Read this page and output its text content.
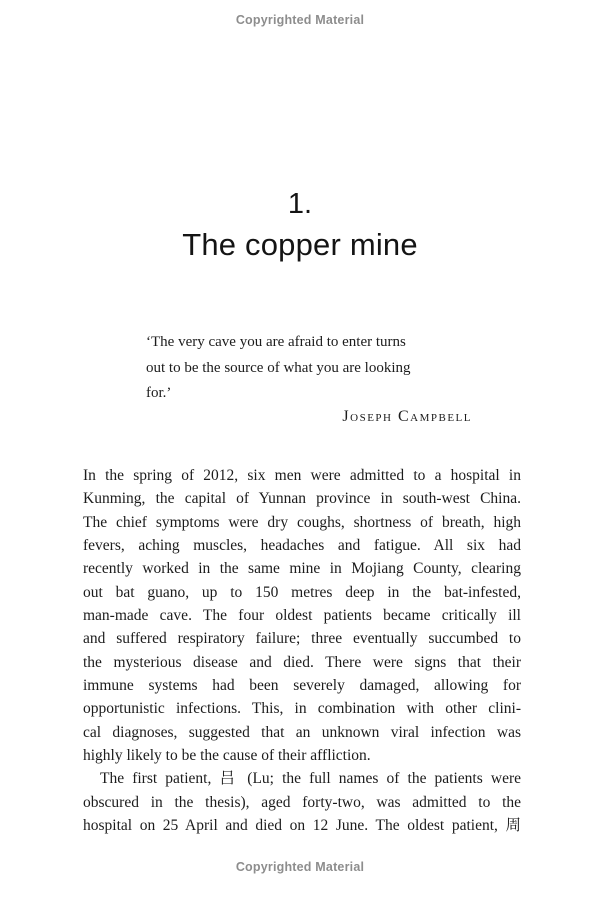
Copyrighted Material
1.
The copper mine
‘The very cave you are afraid to enter turns
out to be the source of what you are looking
for.’
Joseph Campbell
In the spring of 2012, six men were admitted to a hospital in
Kunming, the capital of Yunnan province in south-west China.
The chief symptoms were dry coughs, shortness of breath, high
fevers, aching muscles, headaches and fatigue. All six had
recently worked in the same mine in Mojiang County, clearing
out bat guano, up to 150 metres deep in the bat-infested,
man-made cave. The four oldest patients became critically ill
and suffered respiratory failure; three eventually succumbed to
the mysterious disease and died. There were signs that their
immune systems had been severely damaged, allowing for
opportunistic infections. This, in combination with other clini-
cal diagnoses, suggested that an unknown viral infection was
highly likely to be the cause of their affliction.
The first patient, 吕 (Lu; the full names of the patients were
obscured in the thesis), aged forty-two, was admitted to the
hospital on 25 April and died on 12 June. The oldest patient, 周
Copyrighted Material
